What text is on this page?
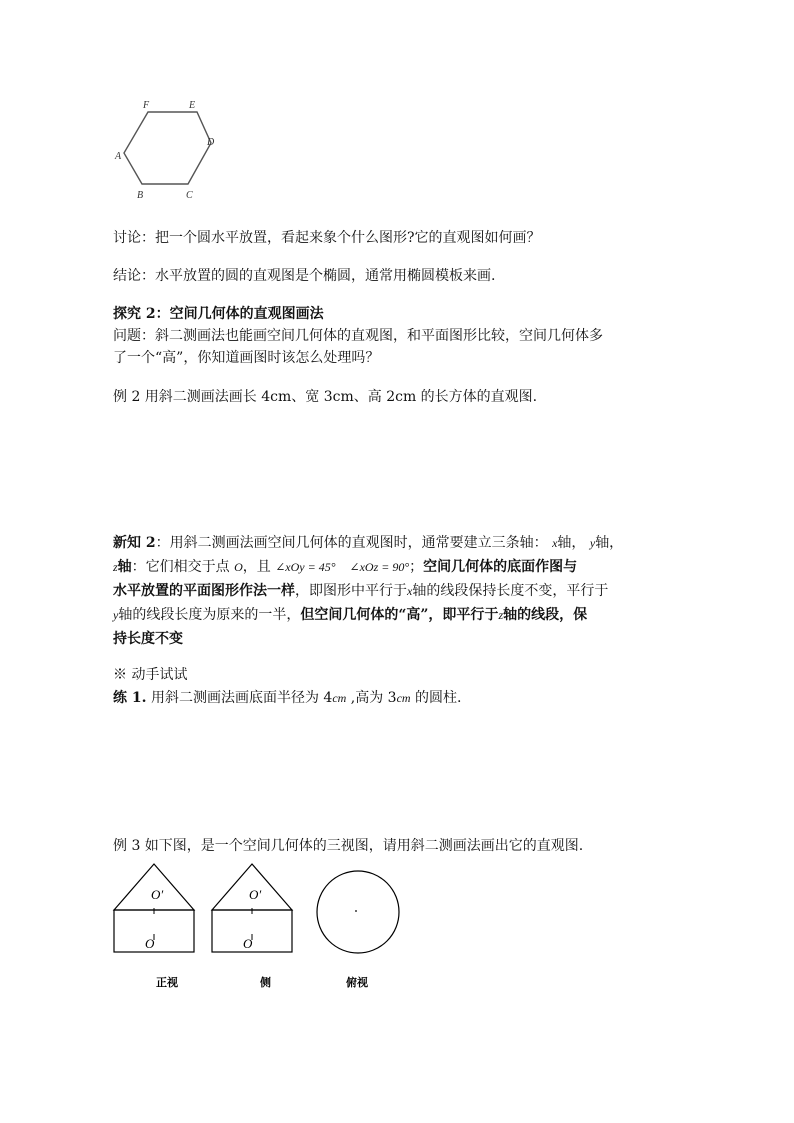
F	E
D
A
B	C
讨论：把一个圆水平放置，看起来象个什么图形?它的直观图如何画？
结论：水平放置的圆的直观图是个椭圆，通常用椭圆模板来画.
探究 2：空间几何体的直观图画法
问题：斜二测画法也能画空间几何体的直观图，和平面图形比较，空间几何体多
了一个“高”，你知道画图时该怎么处理吗？
例 2 用斜二测画法画长 4cm、宽 3cm、高 2cm 的长方体的直观图.
新知 2：用斜二测画法画空间几何体的直观图时，通常要建立三条轴： x轴， y轴，
z轴：它们相交于点 O，且 ∠xOy = 45°  ∠xOz = 90°；空间几何体的底面作图与
水平放置的平面图形作法一样，即图形中平行于x轴的线段保持长度不变，平行于
y轴的线段长度为原来的一半，但空间几何体的“高”，即平行于z轴的线段，保
持长度不变
※ 动手试试
练 1. 用斜二测画法画底面半径为 4cm ,高为 3cm 的圆柱.
例 3 如下图，是一个空间几何体的三视图，请用斜二测画法画出它的直观图.
O′
O
正视
O′
O
侧	俯视
